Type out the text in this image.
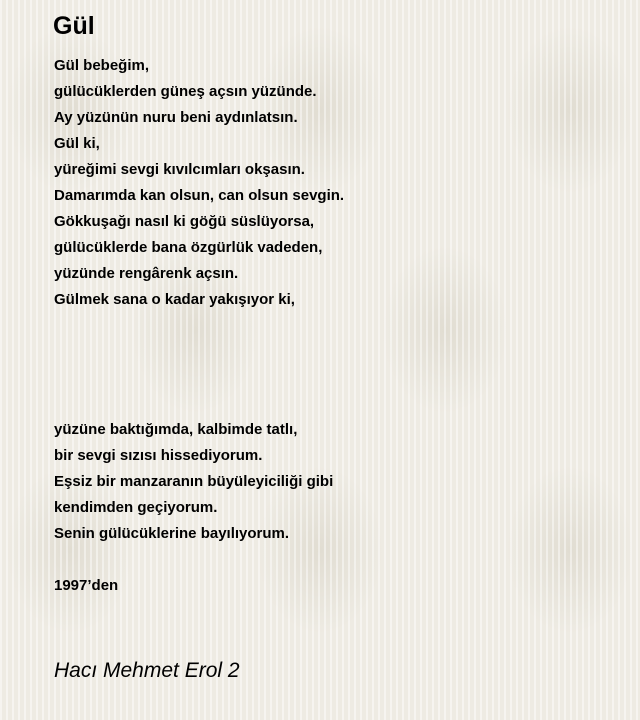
Gül
Gül bebeğim,
gülücüklerden güneş açsın yüzünde.
Ay yüzünün nuru beni aydınlatsın.
Gül ki,
yüreğimi sevgi kıvılcımları okşasın.
Damarımda kan olsun, can olsun sevgin.
Gökkuşağı nasıl ki göğü süslüyorsa,
gülücüklerde bana özgürlük vadeden,
yüzünde rengârenk açsın.
Gülmek sana o kadar yakışıyor ki,
yüzüne baktığımda, kalbimde tatlı,
bir sevgi sızısı hissediyorum.
Eşsiz bir manzaranın büyüleyiciliği gibi
kendimden geçiyorum.
Senin gülücüklerine bayılıyorum.
1997’den

Hacı Mehmet Erol 2
